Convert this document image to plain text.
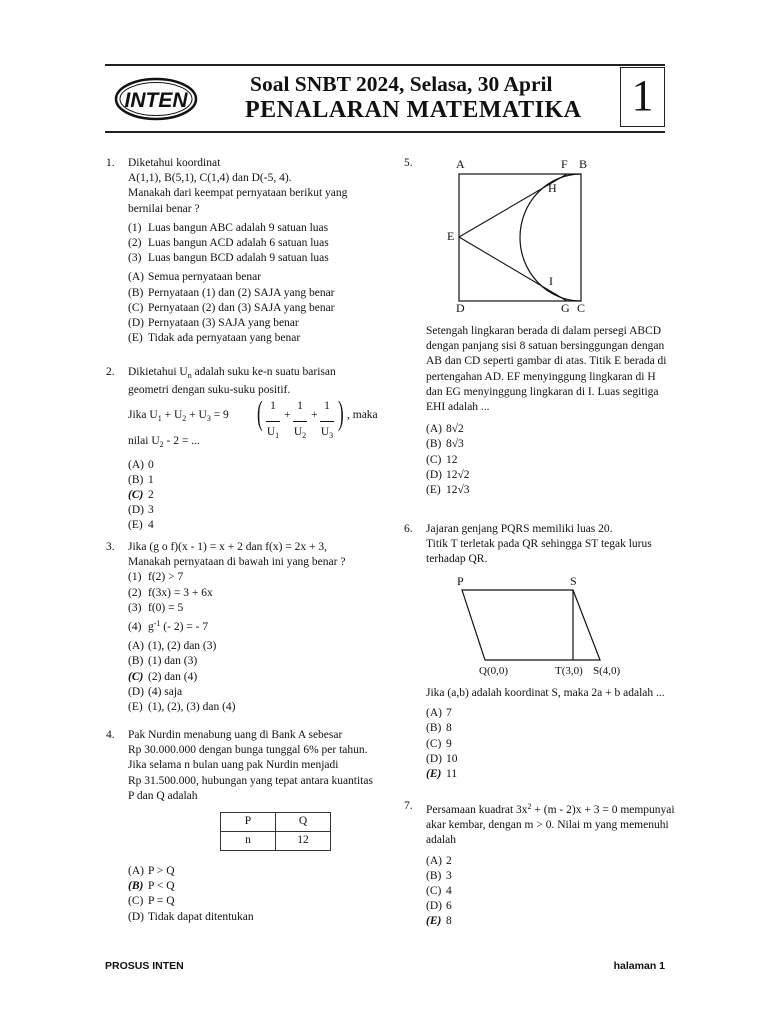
INTEN
Soal SNBT 2024, Selasa, 30 April
PENALARAN MATEMATIKA 1
1. Diketahui koordinat
A(1,1), B(5,1), C(1,4) dan D(-5, 4).
Manakah dari keempat pernyataan berikut yang
bernilai benar ?
(1) Luas bangun ABC adalah 9 satuan luas
(2) Luas bangun ACD adalah 6 satuan luas
(3) Luas bangun BCD adalah 9 satuan luas
(A) Semua pernyataan benar
(B) Pernyataan (1) dan (2) SAJA yang benar
(C) Pernyataan (2) dan (3) SAJA yang benar
(D) Pernyataan (3) SAJA yang benar
(E) Tidak ada pernyataan yang benar
2. Dikietahui $U_n$ adalah suku ke-n suatu barisan
geometri dengan suku-suku positif.
Jika $U_1 + U_2 + U_3 = 9$ ( 1

$U_1$
+
1

$U_2$
+
1

$U_3$
) , maka
nilai $U_2 - 2$ = ...
(A) 0
(B) 1
(C) 2
(D) 3
(E) 4
3. Jika (g o f)(x - 1) = x + 2 dan f(x) = 2x + 3,
Manakah pernyataan di bawah ini yang benar ?
(1) f(2) > 7
(2) f(3x) = 3 + 6x
(3) f(0) = 5
(4) $g^{-1}$ (- 2) = - 7
(A) (1), (2) dan (3)
(B) (1) dan (3)
(C) (2) dan (4)
(D) (4) saja
(E) (1), (2), (3) dan (4)
4. Pak Nurdin menabung uang di Bank A sebesar
Rp 30.000.000 dengan bunga tunggal 6% per tahun.
Jika selama n bulan uang pak Nurdin menjadi
Rp 31.500.000, hubungan yang tepat antara kuantitas
P dan Q adalah
P	Q
n	12
(A) P > Q
(B) P < Q
(C) P = Q
(D) Tidak dapat ditentukan
5.	A	F B
H
E
I
D	G C
Setengah lingkaran berada di dalam persegi ABCD
dengan panjang sisi 8 satuan bersinggungan dengan
AB dan CD seperti gambar di atas. Titik E berada di
pertengahan AD. EF menyinggung lingkaran di H
dan EG menyinggung lingkaran di I. Luas segitiga
EHI adalah ...
(A) 8√2
(B) 8√3
(C) 12
(D) 12√2
(E) 12√3
6. Jajaran genjang PQRS memiliki luas 20.
Titik T terletak pada QR sehingga ST tegak lurus
terhadap QR.
P	S
Q(0,0)	T(3,0) S(4,0)
Jika (a,b) adalah koordinat S, maka 2a + b adalah ...
(A) 7
(B) 8
(C) 9
(D) 10
(E) 11
7. Persamaan kuadrat $3x^2 + (m - 2)x + 3 = 0$ mempunyai
akar kembar, dengan m > 0. Nilai m yang memenuhi
adalah
(A) 2
(B) 3
(C) 4
(D) 6
(E) 8
PROSUS INTEN	halaman 1
